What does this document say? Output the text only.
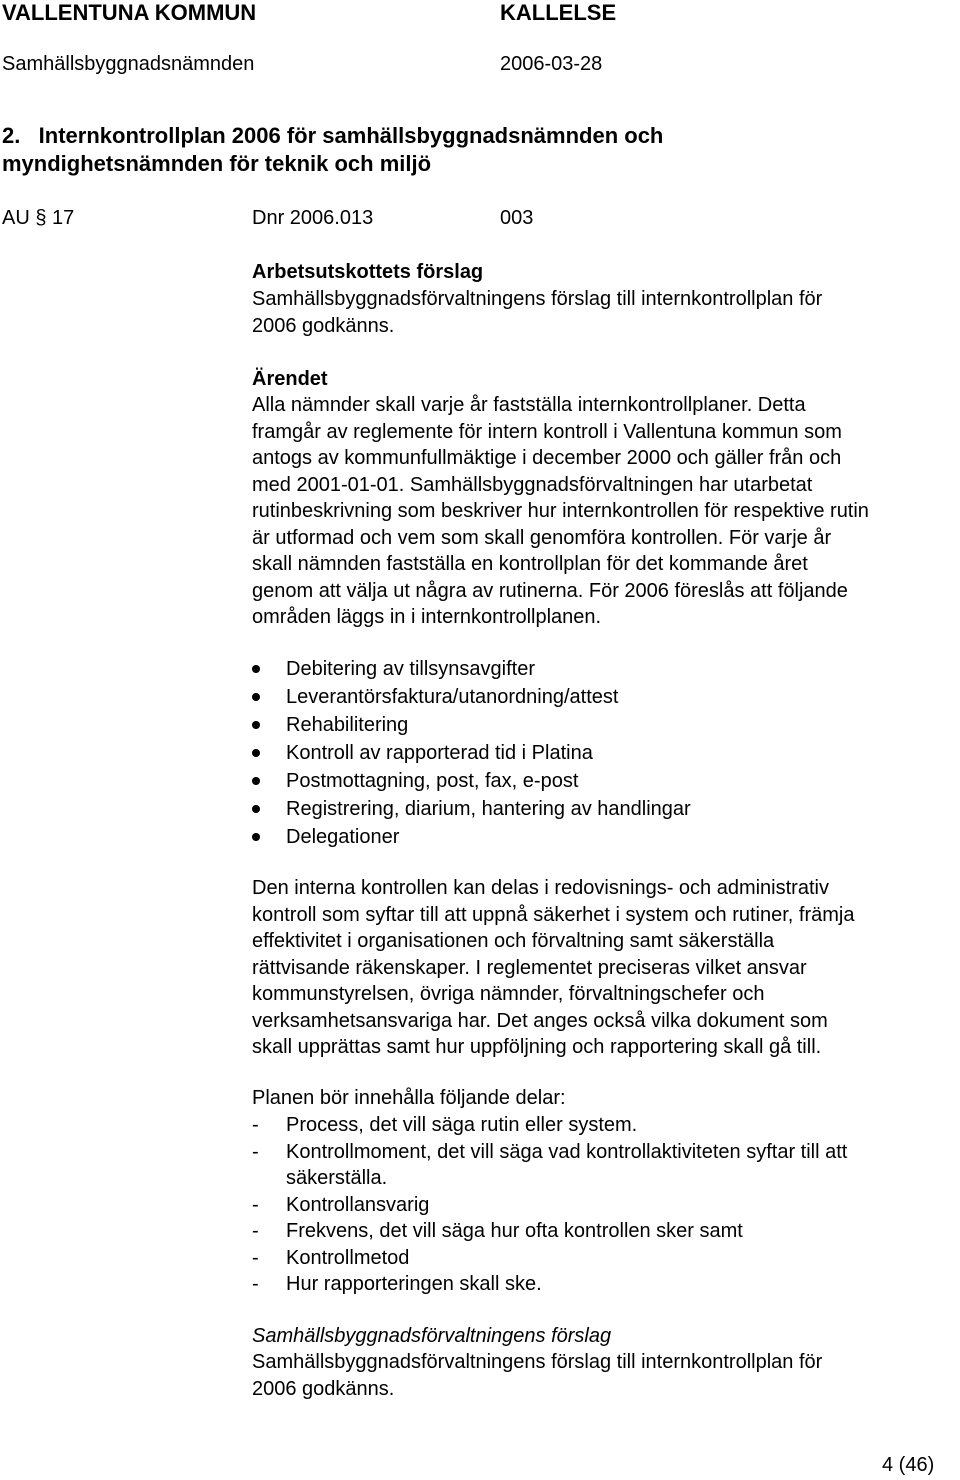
VALLENTUNA KOMMUN	KALLELSE
Samhällsbyggnadsnämnden	2006-03-28
2.   Internkontrollplan 2006 för samhällsbyggnadsnämnden och
myndighetsnämnden för teknik och miljö
AU § 17	Dnr 2006.013	003
Arbetsutskottets förslag
Samhällsbyggnadsförvaltningens förslag till internkontrollplan för
2006 godkänns.
Ärendet
Alla nämnder skall varje år fastställa internkontrollplaner. Detta
framgår av reglemente för intern kontroll i Vallentuna kommun som
antogs av kommunfullmäktige i december 2000 och gäller från och
med 2001-01-01. Samhällsbyggnadsförvaltningen har utarbetat
rutinbeskrivning som beskriver hur internkontrollen för respektive rutin
är utformad och vem som skall genomföra kontrollen. För varje år
skall nämnden fastställa en kontrollplan för det kommande året
genom att välja ut några av rutinerna. För 2006 föreslås att följande
områden läggs in i internkontrollplanen.
Debitering av tillsynsavgifter
Leverantörsfaktura/utanordning/attest
Rehabilitering
Kontroll av rapporterad tid i Platina
Postmottagning, post, fax, e-post
Registrering, diarium, hantering av handlingar
Delegationer
Den interna kontrollen kan delas i redovisnings- och administrativ
kontroll som syftar till att uppnå säkerhet i system och rutiner, främja
effektivitet i organisationen och förvaltning samt säkerställa
rättvisande räkenskaper. I reglementet preciseras vilket ansvar
kommunstyrelsen, övriga nämnder, förvaltningschefer och
verksamhetsansvariga har. Det anges också vilka dokument som
skall upprättas samt hur uppföljning och rapportering skall gå till.
Planen bör innehålla följande delar:
- Process, det vill säga rutin eller system.
- Kontrollmoment, det vill säga vad kontrollaktiviteten syftar till att
säkerställa.
- Kontrollansvarig
- Frekvens, det vill säga hur ofta kontrollen sker samt
- Kontrollmetod
- Hur rapporteringen skall ske.
Samhällsbyggnadsförvaltningens förslag
Samhällsbyggnadsförvaltningens förslag till internkontrollplan för
2006 godkänns.
4 (46)
